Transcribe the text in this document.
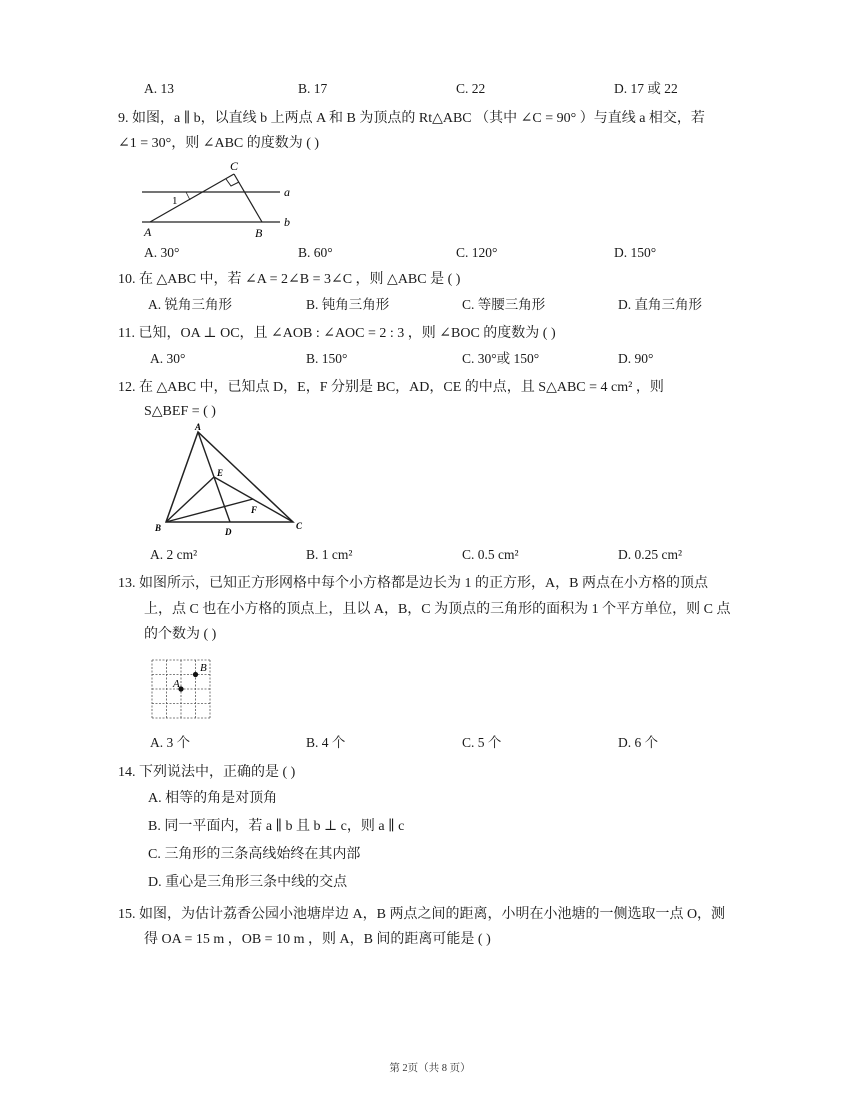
A. 13	B. 17	C. 22	D. 17 或 22
9. 如图，a ∥ b，以直线 b 上两点 A 和 B 为顶点的 Rt△ABC （其中 ∠C = 90° ）与直线 a 相交，若
∠1 = 30°，则 ∠ABC 的度数为 ( )
C
a
b
1
A	B
A. 30°	B. 60°	C. 120°	D. 150°
10. 在 △ABC 中，若 ∠A = 2∠B = 3∠C ，则 △ABC 是 ( )
A. 锐角三角形	B. 钝角三角形	C. 等腰三角形	D. 直角三角形
11. 已知，OA ⊥ OC，且 ∠AOB : ∠AOC = 2 : 3 ，则 ∠BOC 的度数为 ( )
A. 30°	B. 150°	C. 30°或 150°	D. 90°
12. 在 △ABC 中，已知点 D，E，F 分别是 BC，AD，CE 的中点，且 S△ABC = 4 cm² ，则
S△BEF = ( )
A
B	C
D
E
F
A. 2 cm²	B. 1 cm²	C. 0.5 cm²	D. 0.25 cm²
13. 如图所示，已知正方形网格中每个小方格都是边长为 1 的正方形，A，B 两点在小方格的顶点
上，点 C 也在小方格的顶点上，且以 A，B，C 为顶点的三角形的面积为 1 个平方单位，则 C 点
的个数为 ( )
A
B
A. 3 个	B. 4 个	C. 5 个	D. 6 个
14. 下列说法中，正确的是 ( )
A. 相等的角是对顶角
B. 同一平面内，若 a ∥ b 且 b ⊥ c，则 a ∥ c
C. 三角形的三条高线始终在其内部
D. 重心是三角形三条中线的交点
15. 如图，为估计荔香公园小池塘岸边 A，B 两点之间的距离，小明在小池塘的一侧选取一点 O，测
得 OA = 15 m ，OB = 10 m ，则 A，B 间的距离可能是 ( )
第 2页（共 8 页）
